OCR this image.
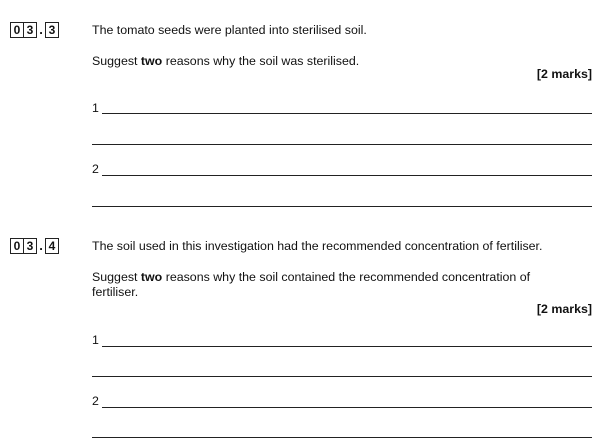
0 3 . 3	The tomato seeds were planted into sterilised soil.
Suggest two reasons why the soil was sterilised.
[2 marks]
1
2
0 3 . 4	The soil used in this investigation had the recommended concentration of fertiliser.
Suggest two reasons why the soil contained the recommended concentration of fertiliser.
[2 marks]
1
2
